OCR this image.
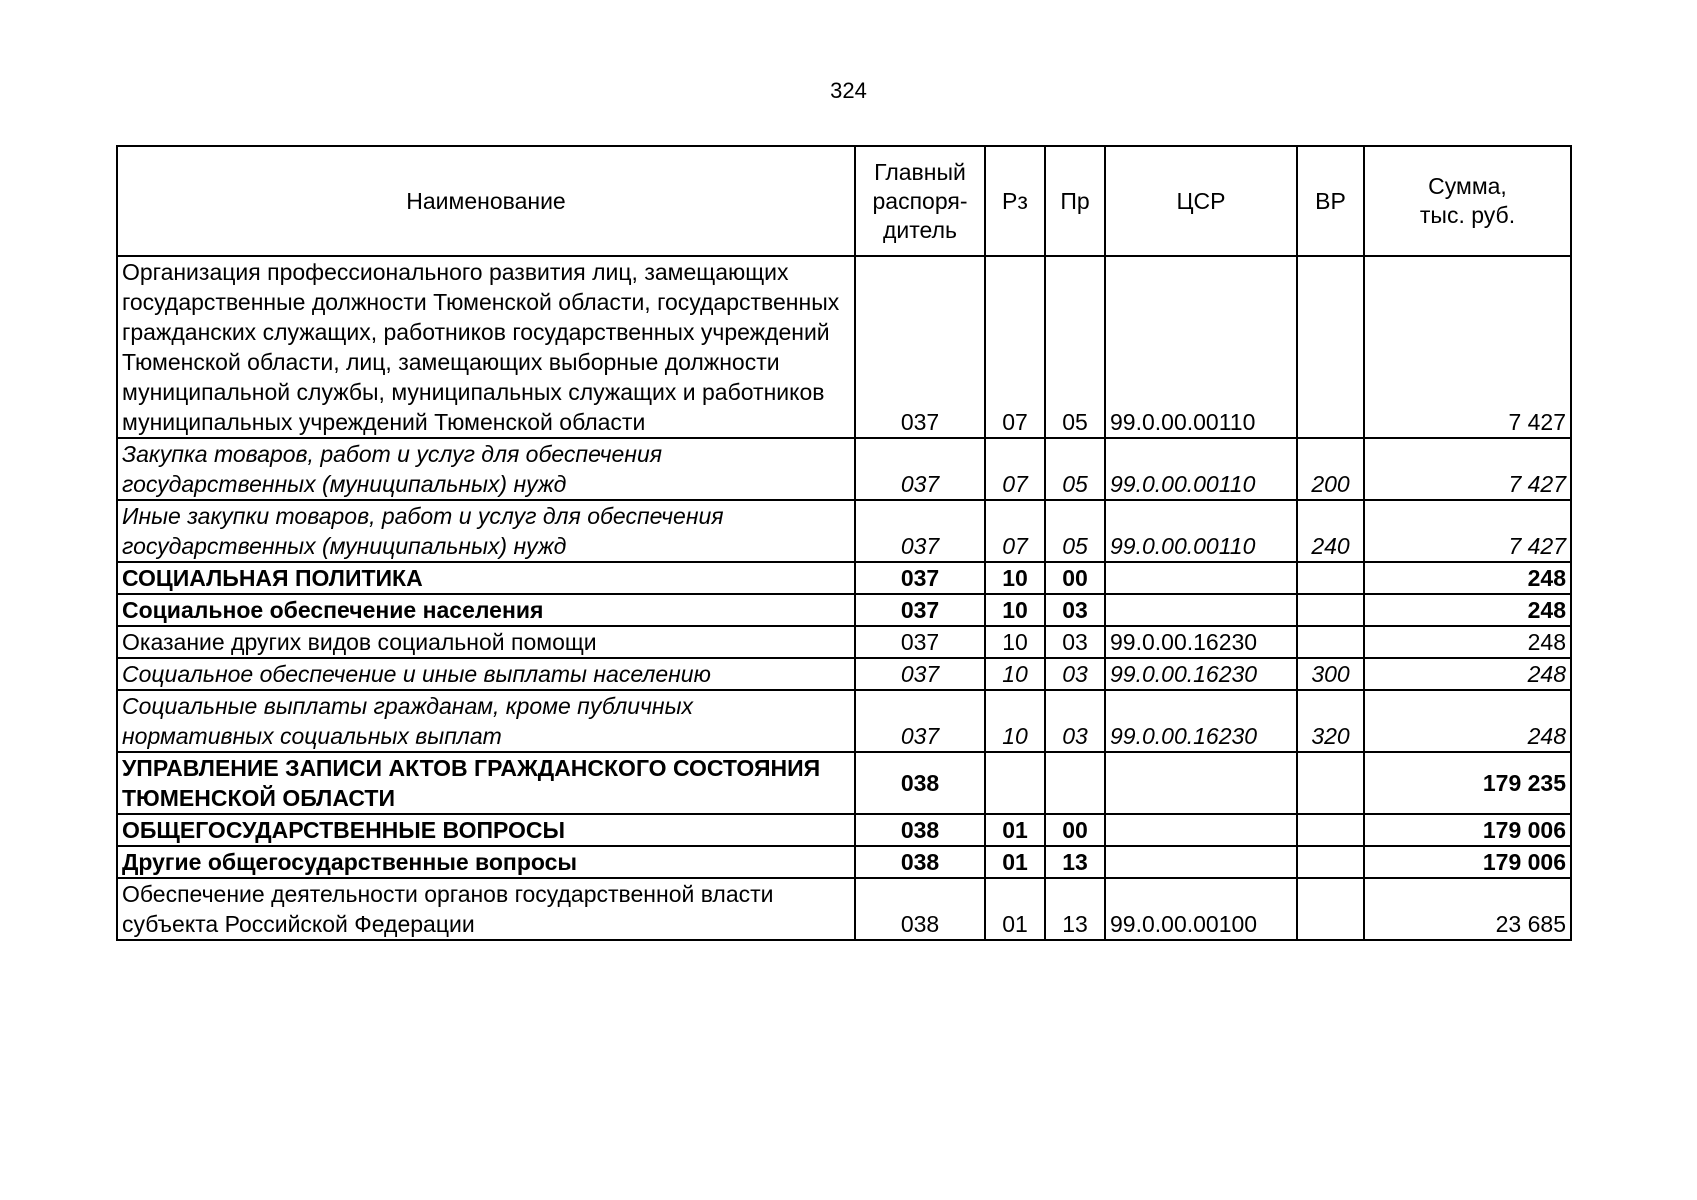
324
Наименование	Главный
распоря-
дитель	Рз	Пр	ЦСР	ВР	Сумма,
тыс. руб.
Организация профессионального развития лиц, замещающих государственные должности Тюменской области, государственных гражданских служащих, работников государственных учреждений Тюменской области, лиц, замещающих выборные должности муниципальной службы, муниципальных служащих и работников муниципальных учреждений Тюменской области	037	07	05	99.0.00.00110		7 427
Закупка товаров, работ и услуг для обеспечения государственных (муниципальных) нужд	037	07	05	99.0.00.00110	200	7 427
Иные закупки товаров, работ и услуг для обеспечения государственных (муниципальных) нужд	037	07	05	99.0.00.00110	240	7 427
СОЦИАЛЬНАЯ ПОЛИТИКА	037	10	00			248
Социальное обеспечение населения	037	10	03			248
Оказание других видов социальной помощи	037	10	03	99.0.00.16230		248
Социальное обеспечение и иные выплаты населению	037	10	03	99.0.00.16230	300	248
Социальные выплаты гражданам, кроме публичных нормативных социальных выплат	037	10	03	99.0.00.16230	320	248
УПРАВЛЕНИЕ ЗАПИСИ АКТОВ ГРАЖДАНСКОГО СОСТОЯНИЯ ТЮМЕНСКОЙ ОБЛАСТИ	038					179 235
ОБЩЕГОСУДАРСТВЕННЫЕ ВОПРОСЫ	038	01	00			179 006
Другие общегосударственные вопросы	038	01	13			179 006
Обеспечение деятельности органов государственной власти субъекта Российской Федерации	038	01	13	99.0.00.00100		23 685
